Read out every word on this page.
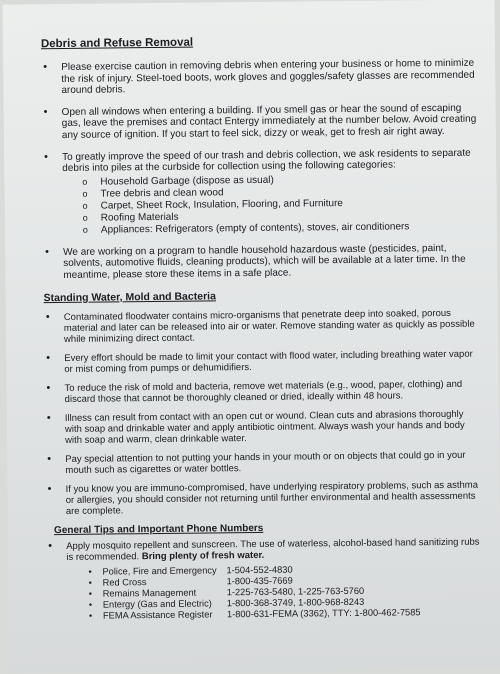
Debris and Refuse Removal
• Please exercise caution in removing debris when entering your business or home to minimize the risk of injury. Steel-toed boots, work gloves and goggles/safety glasses are recommended around debris.
• Open all windows when entering a building. If you smell gas or hear the sound of escaping gas, leave the premises and contact Entergy immediately at the number below. Avoid creating any source of ignition. If you start to feel sick, dizzy or weak, get to fresh air right away.
• To greatly improve the speed of our trash and debris collection, we ask residents to separate debris into piles at the curbside for collection using the following categories:
o Household Garbage (dispose as usual)
o Tree debris and clean wood
o Carpet, Sheet Rock, Insulation, Flooring, and Furniture
o Roofing Materials
o Appliances: Refrigerators (empty of contents), stoves, air conditioners
• We are working on a program to handle household hazardous waste (pesticides, paint, solvents, automotive fluids, cleaning products), which will be available at a later time. In the meantime, please store these items in a safe place.
Standing Water, Mold and Bacteria
• Contaminated floodwater contains micro-organisms that penetrate deep into soaked, porous material and later can be released into air or water. Remove standing water as quickly as possible while minimizing direct contact.
• Every effort should be made to limit your contact with flood water, including breathing water vapor or mist coming from pumps or dehumidifiers.
• To reduce the risk of mold and bacteria, remove wet materials (e.g., wood, paper, clothing) and discard those that cannot be thoroughly cleaned or dried, ideally within 48 hours.
• Illness can result from contact with an open cut or wound. Clean cuts and abrasions thoroughly with soap and drinkable water and apply antibiotic ointment. Always wash your hands and body with soap and warm, clean drinkable water.
• Pay special attention to not putting your hands in your mouth or on objects that could go in your mouth such as cigarettes or water bottles.
• If you know you are immuno-compromised, have underlying respiratory problems, such as asthma or allergies, you should consider not returning until further environmental and health assessments are complete.
General Tips and Important Phone Numbers
• Apply mosquito repellent and sunscreen. The use of waterless, alcohol-based hand sanitizing rubs is recommended. Bring plenty of fresh water.
•	Police, Fire and Emergency	1-504-552-4830
•	Red Cross	1-800-435-7669
•	Remains Management	1-225-763-5480, 1-225-763-5760
•	Entergy (Gas and Electric)	1-800-368-3749, 1-800-968-8243
•	FEMA Assistance Register	1-800-631-FEMA (3362), TTY: 1-800-462-7585
